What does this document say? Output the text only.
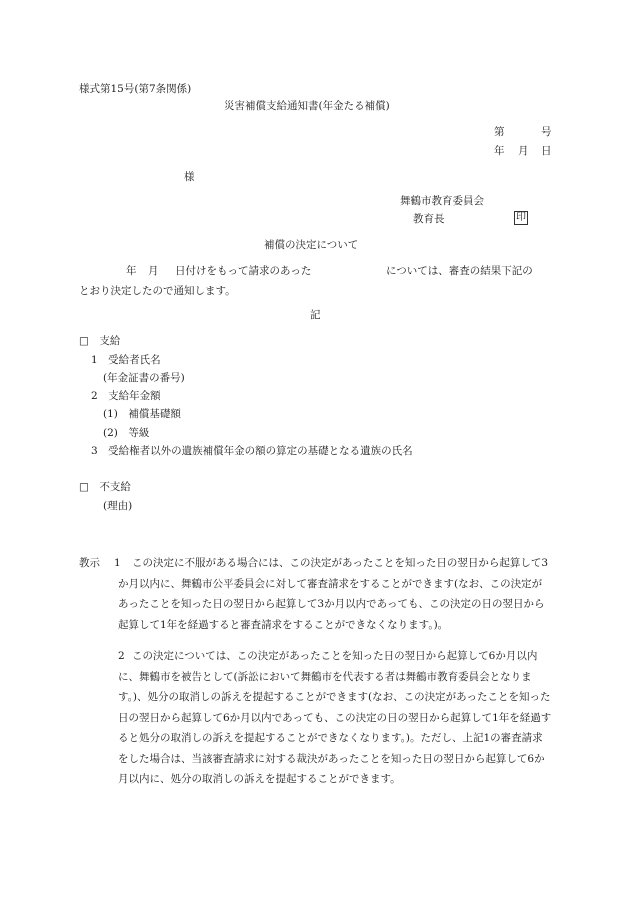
様式第15号(第7条関係)
災害補償支給通知書(年金たる補償)
第	号
年 月 日
様
舞鶴市教育委員会
教育長	印
補償の決定について
年 月 日付けをもって請求のあった	については、審査の結果下記の
とおり決定したので通知します。
記
□　支給
1　受給者氏名
(年金証書の番号)
2　支給年金額
(1)　補償基礎額
(2)　等級
3　受給権者以外の遺族補償年金の額の算定の基礎となる遺族の氏名
□　不支給
(理由)
教示 1	この決定に不服がある場合には、この決定があったことを知った日の翌日から起算して3か月以内に、舞鶴市公平委員会に対して審査請求をすることができます(なお、この決定があったことを知った日の翌日から起算して3か月以内であっても、この決定の日の翌日から起算して1年を経過すると審査請求をすることができなくなります。)。
2 この決定については、この決定があったことを知った日の翌日から起算して6か月以内に、舞鶴市を被告として(訴訟において舞鶴市を代表する者は舞鶴市教育委員会となります。)、処分の取消しの訴えを提起することができます(なお、この決定があったことを知った日の翌日から起算して6か月以内であっても、この決定の日の翌日から起算して1年を経過すると処分の取消しの訴えを提起することができなくなります。)。ただし、上記1の審査請求をした場合は、当該審査請求に対する裁決があったことを知った日の翌日から起算して6か月以内に、処分の取消しの訴えを提起することができます。
